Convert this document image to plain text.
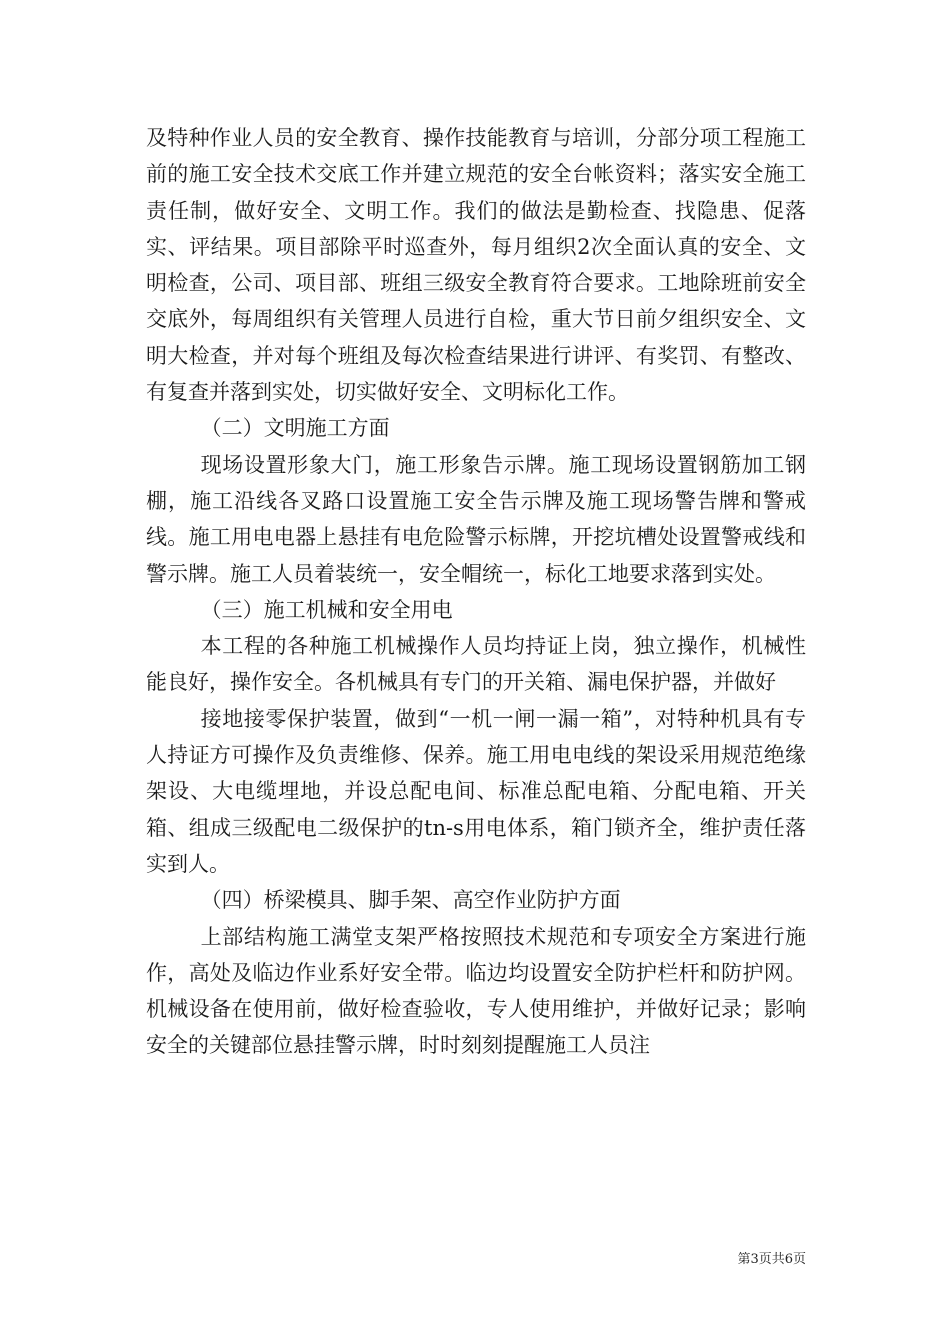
及特种作业人员的安全教育、操作技能教育与培训，分部分项工程施工前的施工安全技术交底工作并建立规范的安全台帐资料；落实安全施工责任制，做好安全、文明工作。我们的做法是勤检查、找隐患、促落实、评结果。项目部除平时巡查外，每月组织2次全面认真的安全、文明检查，公司、项目部、班组三级安全教育符合要求。工地除班前安全交底外，每周组织有关管理人员进行自检，重大节日前夕组织安全、文明大检查，并对每个班组及每次检查结果进行讲评、有奖罚、有整改、有复查并落到实处，切实做好安全、文明标化工作。

（二）文明施工方面

现场设置形象大门，施工形象告示牌。施工现场设置钢筋加工钢棚，施工沿线各叉路口设置施工安全告示牌及施工现场警告牌和警戒线。施工用电电器上悬挂有电危险警示标牌，开挖坑槽处设置警戒线和警示牌。施工人员着装统一，安全帽统一，标化工地要求落到实处。

（三）施工机械和安全用电

本工程的各种施工机械操作人员均持证上岗，独立操作，机械性能良好，操作安全。各机械具有专门的开关箱、漏电保护器，并做好

接地接零保护装置，做到“一机一闸一漏一箱”，对特种机具有专人持证方可操作及负责维修、保养。施工用电电线的架设采用规范绝缘架设、大电缆埋地，并设总配电间、标准总配电箱、分配电箱、开关箱、组成三级配电二级保护的tn-s用电体系，箱门锁齐全，维护责任落实到人。

（四）桥梁模具、脚手架、高空作业防护方面

上部结构施工满堂支架严格按照技术规范和专项安全方案进行施作，高处及临边作业系好安全带。临边均设置安全防护栏杆和防护网。机械设备在使用前，做好检查验收，专人使用维护，并做好记录；影响安全的关键部位悬挂警示牌，时时刻刻提醒施工人员注

第3页共6页
